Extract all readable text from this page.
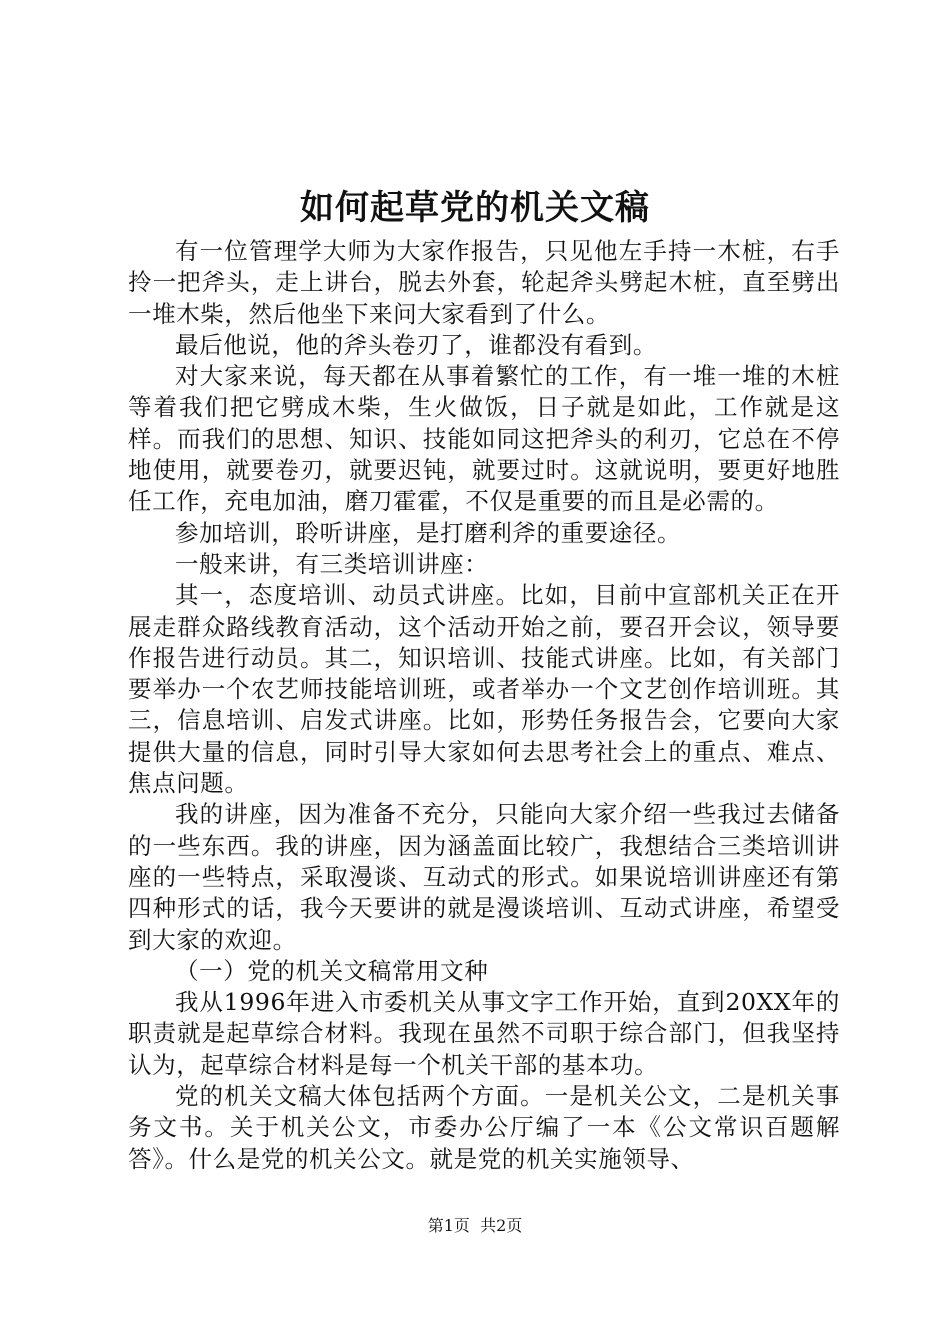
如何起草党的机关文稿

有一位管理学大师为大家作报告，只见他左手持一木桩，右手拎一把斧头，走上讲台，脱去外套，轮起斧头劈起木桩，直至劈出一堆木柴，然后他坐下来问大家看到了什么。

最后他说，他的斧头卷刃了，谁都没有看到。

对大家来说，每天都在从事着繁忙的工作，有一堆一堆的木桩等着我们把它劈成木柴，生火做饭，日子就是如此，工作就是这样。而我们的思想、知识、技能如同这把斧头的利刃，它总在不停地使用，就要卷刃，就要迟钝，就要过时。这就说明，要更好地胜任工作，充电加油，磨刀霍霍，不仅是重要的而且是必需的。

参加培训，聆听讲座，是打磨利斧的重要途径。

一般来讲，有三类培训讲座：

其一，态度培训、动员式讲座。比如，目前中宣部机关正在开展走群众路线教育活动，这个活动开始之前，要召开会议，领导要作报告进行动员。其二，知识培训、技能式讲座。比如，有关部门要举办一个农艺师技能培训班，或者举办一个文艺创作培训班。其三，信息培训、启发式讲座。比如，形势任务报告会，它要向大家提供大量的信息，同时引导大家如何去思考社会上的重点、难点、焦点问题。

我的讲座，因为准备不充分，只能向大家介绍一些我过去储备的一些东西。我的讲座，因为涵盖面比较广，我想结合三类培训讲座的一些特点，采取漫谈、互动式的形式。如果说培训讲座还有第四种形式的话，我今天要讲的就是漫谈培训、互动式讲座，希望受到大家的欢迎。

（一）党的机关文稿常用文种

我从1996年进入市委机关从事文字工作开始，直到20XX年的职责就是起草综合材料。我现在虽然不司职于综合部门，但我坚持认为，起草综合材料是每一个机关干部的基本功。

党的机关文稿大体包括两个方面。一是机关公文，二是机关事务文书。关于机关公文，市委办公厅编了一本《公文常识百题解答》。什么是党的机关公文。就是党的机关实施领导、

第1页 共2页
